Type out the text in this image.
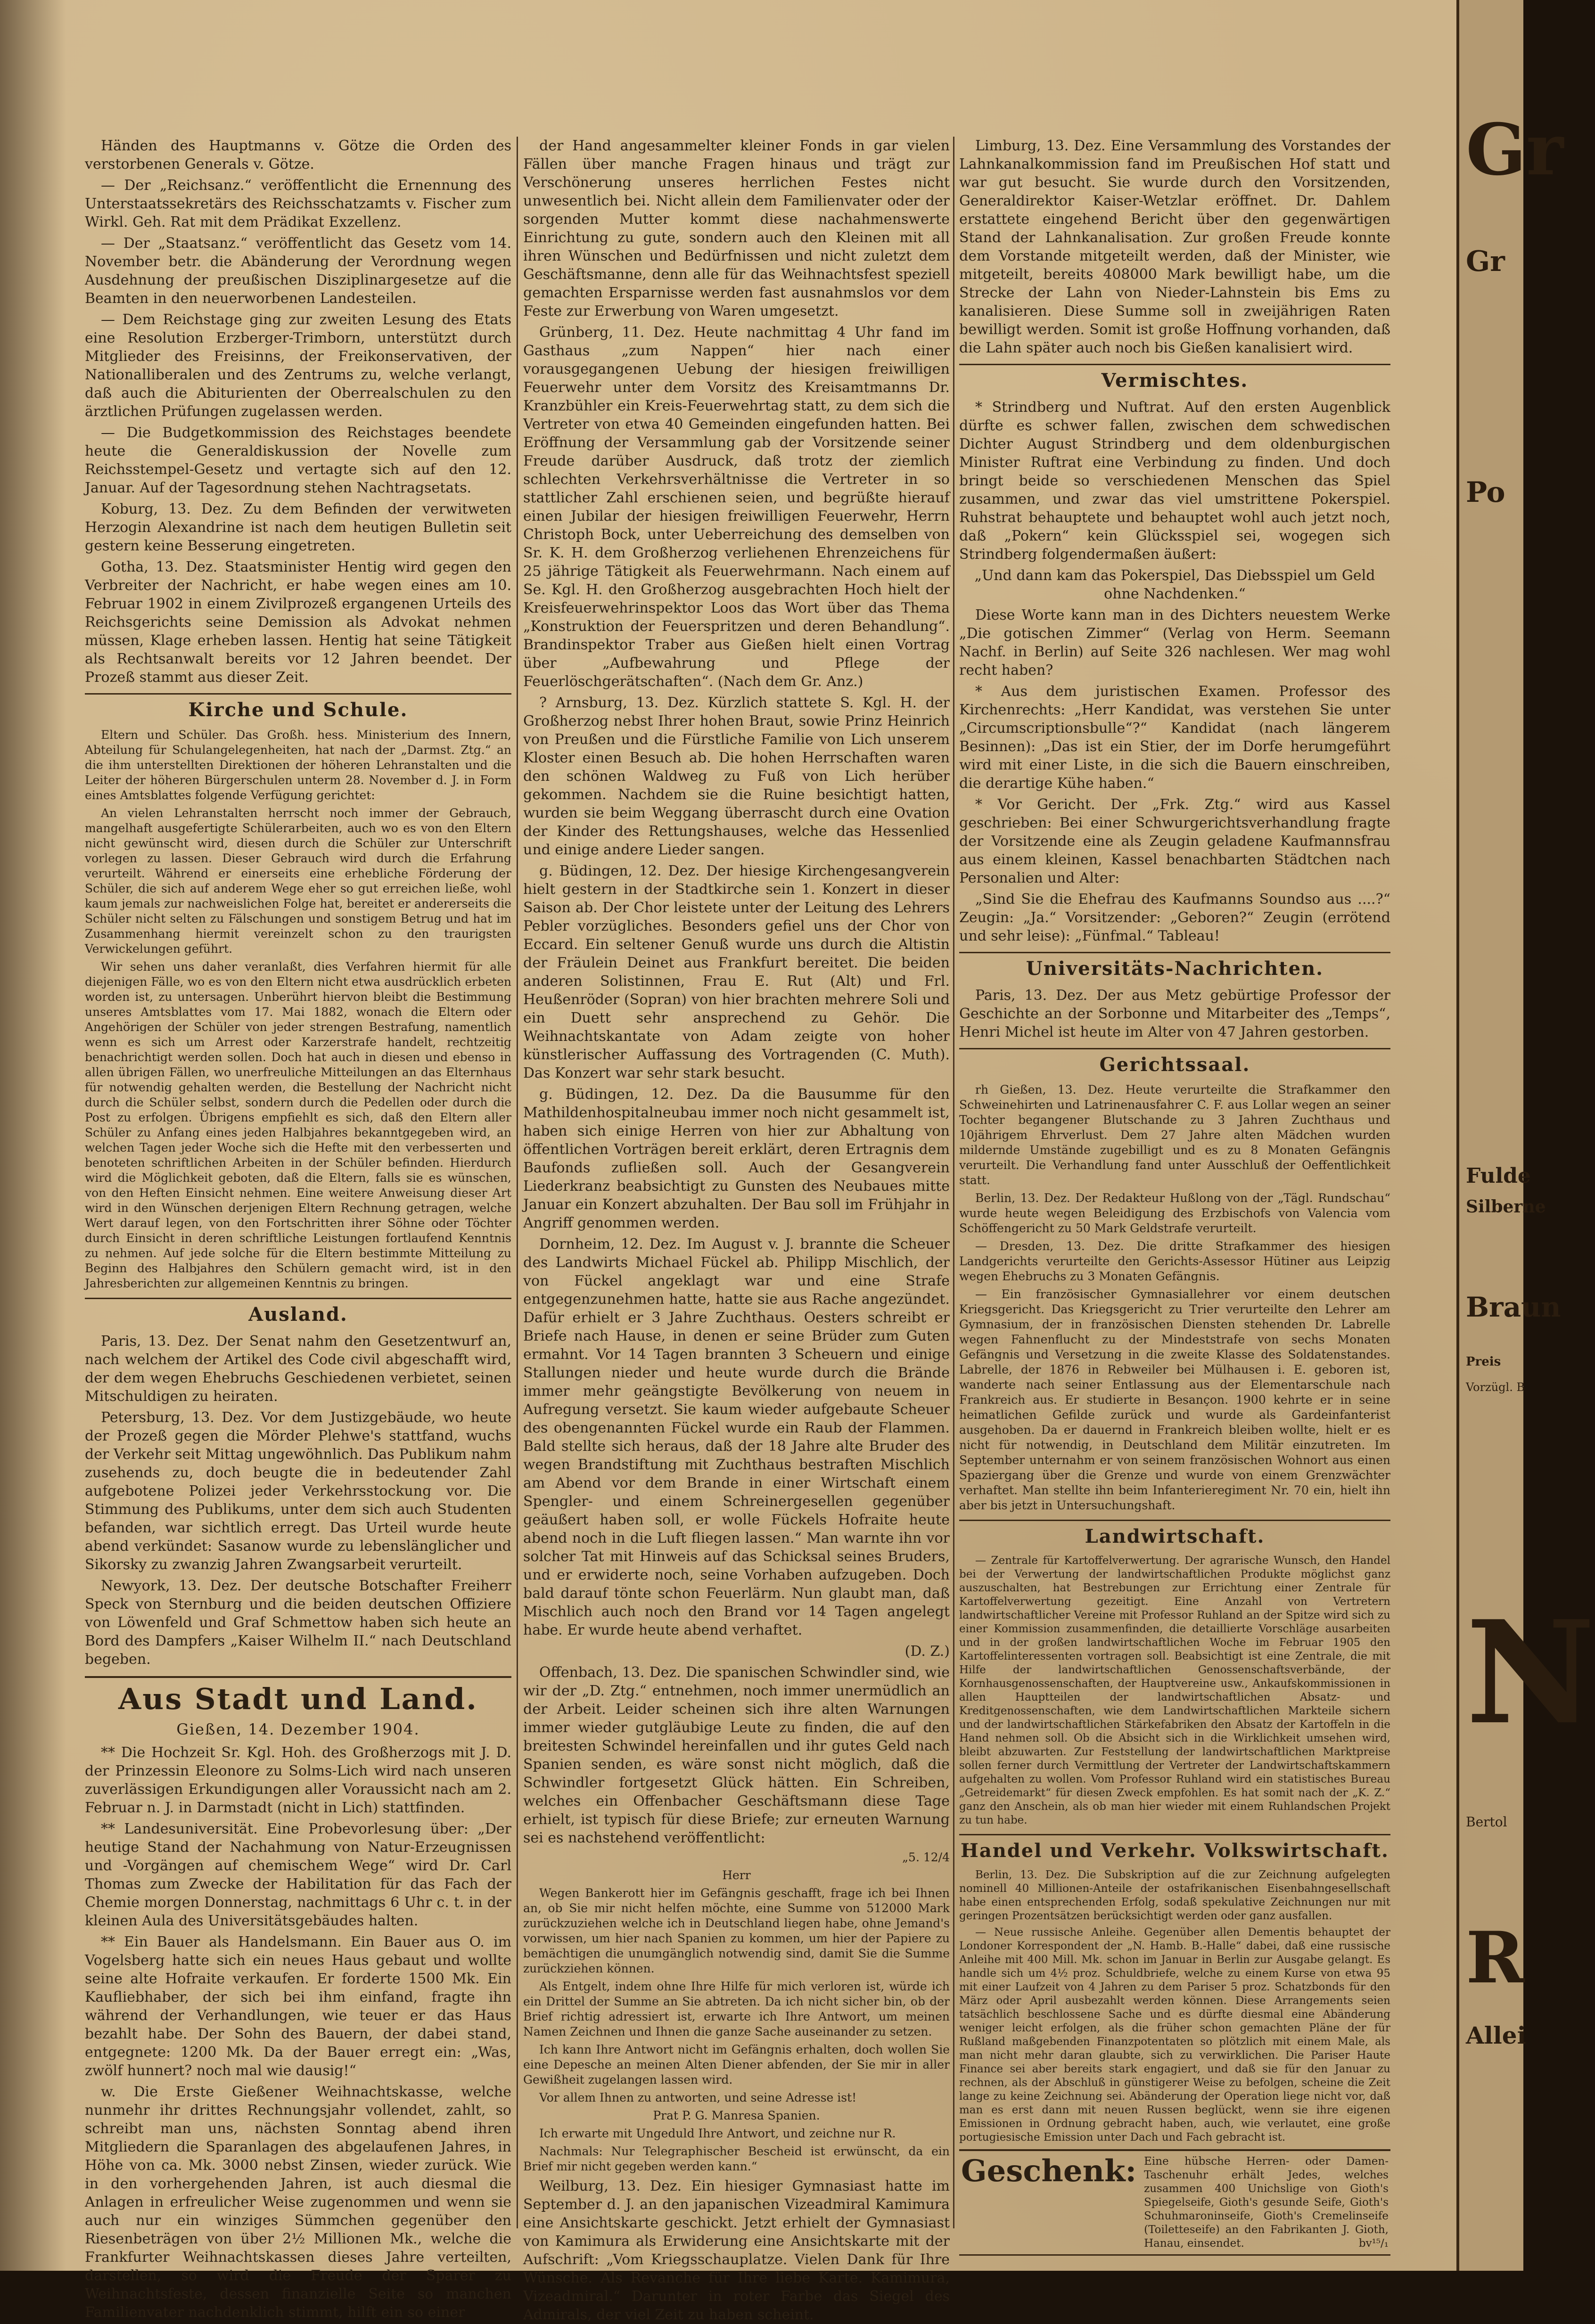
Händen des Hauptmanns v. Götze die Orden des verstorbenen Generals v. Götze.

— Der „Reichsanz.“ veröffentlicht die Ernennung des Unterstaatssekretärs des Reichsschatzamts v. Fischer zum Wirkl. Geh. Rat mit dem Prädikat Exzellenz.

— Der „Staatsanz.“ veröffentlicht das Gesetz vom 14. November betr. die Abänderung der Verordnung wegen Ausdehnung der preußischen Disziplinargesetze auf die Beamten in den neuerworbenen Landesteilen.

— Dem Reichstage ging zur zweiten Lesung des Etats eine Resolution Erzberger-Trimborn, unterstützt durch Mitglieder des Freisinns, der Freikonservativen, der Nationalliberalen und des Zentrums zu, welche verlangt, daß auch die Abiturienten der Oberrealschulen zu den ärztlichen Prüfungen zugelassen werden.

— Die Budgetkommission des Reichstages beendete heute die Generaldiskussion der Novelle zum Reichsstempel-Gesetz und vertagte sich auf den 12. Januar. Auf der Tagesordnung stehen Nachtragsetats.

Koburg, 13. Dez. Zu dem Befinden der verwitweten Herzogin Alexandrine ist nach dem heutigen Bulletin seit gestern keine Besserung eingetreten.

Gotha, 13. Dez. Staatsminister Hentig wird gegen den Verbreiter der Nachricht, er habe wegen eines am 10. Februar 1902 in einem Zivilprozeß ergangenen Urteils des Reichsgerichts seine Demission als Advokat nehmen müssen, Klage erheben lassen. Hentig hat seine Tätigkeit als Rechtsanwalt bereits vor 12 Jahren beendet. Der Prozeß stammt aus dieser Zeit.

Kirche und Schule.

Eltern und Schüler. Das Großh. hess. Ministerium des Innern, Abteilung für Schulangelegenheiten, hat nach der „Darmst. Ztg.“ an die ihm unterstellten Direktionen der höheren Lehranstalten und die Leiter der höheren Bürgerschulen unterm 28. November d. J. in Form eines Amtsblattes folgende Verfügung gerichtet:

An vielen Lehranstalten herrscht noch immer der Gebrauch, mangelhaft ausgefertigte Schülerarbeiten, auch wo es von den Eltern nicht gewünscht wird, diesen durch die Schüler zur Unterschrift vorlegen zu lassen. Dieser Gebrauch wird durch die Erfahrung verurteilt. Während er einerseits eine erhebliche Förderung der Schüler, die sich auf anderem Wege eher so gut erreichen ließe, wohl kaum jemals zur nachweislichen Folge hat, bereitet er andererseits die Schüler nicht selten zu Fälschungen und sonstigem Betrug und hat im Zusammenhang hiermit vereinzelt schon zu den traurigsten Verwickelungen geführt.

Wir sehen uns daher veranlaßt, dies Verfahren hiermit für alle diejenigen Fälle, wo es von den Eltern nicht etwa ausdrücklich erbeten worden ist, zu untersagen. Unberührt hiervon bleibt die Bestimmung unseres Amtsblattes vom 17. Mai 1882, wonach die Eltern oder Angehörigen der Schüler von jeder strengen Bestrafung, namentlich wenn es sich um Arrest oder Karzerstrafe handelt, rechtzeitig benachrichtigt werden sollen. Doch hat auch in diesen und ebenso in allen übrigen Fällen, wo unerfreuliche Mitteilungen an das Elternhaus für notwendig gehalten werden, die Bestellung der Nachricht nicht durch die Schüler selbst, sondern durch die Pedellen oder durch die Post zu erfolgen. Übrigens empfiehlt es sich, daß den Eltern aller Schüler zu Anfang eines jeden Halbjahres bekanntgegeben wird, an welchen Tagen jeder Woche sich die Hefte mit den verbesserten und benoteten schriftlichen Arbeiten in der Schüler befinden. Hierdurch wird die Möglichkeit geboten, daß die Eltern, falls sie es wünschen, von den Heften Einsicht nehmen. Eine weitere Anweisung dieser Art wird in den Wünschen derjenigen Eltern Rechnung getragen, welche Wert darauf legen, von den Fortschritten ihrer Söhne oder Töchter durch Einsicht in deren schriftliche Leistungen fortlaufend Kenntnis zu nehmen. Auf jede solche für die Eltern bestimmte Mitteilung zu Beginn des Halbjahres den Schülern gemacht wird, ist in den Jahresberichten zur allgemeinen Kenntnis zu bringen.

Ausland.

Paris, 13. Dez. Der Senat nahm den Gesetzentwurf an, nach welchem der Artikel des Code civil abgeschafft wird, der dem wegen Ehebruchs Geschiedenen verbietet, seinen Mitschuldigen zu heiraten.

Petersburg, 13. Dez. Vor dem Justizgebäude, wo heute der Prozeß gegen die Mörder Plehwe's stattfand, wuchs der Verkehr seit Mittag ungewöhnlich. Das Publikum nahm zusehends zu, doch beugte die in bedeutender Zahl aufgebotene Polizei jeder Verkehrsstockung vor. Die Stimmung des Publikums, unter dem sich auch Studenten befanden, war sichtlich erregt. Das Urteil wurde heute abend verkündet: Sasanow wurde zu lebenslänglicher und Sikorsky zu zwanzig Jahren Zwangsarbeit verurteilt.

Newyork, 13. Dez. Der deutsche Botschafter Freiherr Speck von Sternburg und die beiden deutschen Offiziere von Löwenfeld und Graf Schmettow haben sich heute an Bord des Dampfers „Kaiser Wilhelm II.“ nach Deutschland begeben.

Aus Stadt und Land.
Gießen, 14. Dezember 1904.

** Die Hochzeit Sr. Kgl. Hoh. des Großherzogs mit J. D. der Prinzessin Eleonore zu Solms-Lich wird nach unseren zuverlässigen Erkundigungen aller Voraussicht nach am 2. Februar n. J. in Darmstadt (nicht in Lich) stattfinden.

** Landesuniversität. Eine Probevorlesung über: „Der heutige Stand der Nachahmung von Natur-Erzeugnissen und -Vorgängen auf chemischem Wege“ wird Dr. Carl Thomas zum Zwecke der Habilitation für das Fach der Chemie morgen Donnerstag, nachmittags 6 Uhr c. t. in der kleinen Aula des Universitätsgebäudes halten.

** Ein Bauer als Handelsmann. Ein Bauer aus O. im Vogelsberg hatte sich ein neues Haus gebaut und wollte seine alte Hofraite verkaufen. Er forderte 1500 Mk. Ein Kaufliebhaber, der sich bei ihm einfand, fragte ihn während der Verhandlungen, wie teuer er das Haus bezahlt habe. Der Sohn des Bauern, der dabei stand, entgegnete: 1200 Mk. Da der Bauer erregt ein: „Was, zwölf hunnert? noch mal wie dausig!“

w. Die Erste Gießener Weihnachtskasse, welche nunmehr ihr drittes Rechnungsjahr vollendet, zahlt, so schreibt man uns, nächsten Sonntag abend ihren Mitgliedern die Sparanlagen des abgelaufenen Jahres, in Höhe von ca. Mk. 3000 nebst Zinsen, wieder zurück. Wie in den vorhergehenden Jahren, ist auch diesmal die Anlagen in erfreulicher Weise zugenommen und wenn sie auch nur ein winziges Sümmchen gegenüber den Riesenbeträgen von über 2½ Millionen Mk., welche die Frankfurter Weihnachtskassen dieses Jahre verteilten, darstellen, so wird die Freude der Sparer zu Weihnachtsfeste, dessen finanzielle Seite so manchen Familienvater nachdenklich stimmt, hilft ein so einer

der Hand angesammelter kleiner Fonds in gar vielen Fällen über manche Fragen hinaus und trägt zur Verschönerung unseres herrlichen Festes nicht unwesentlich bei. Nicht allein dem Familienvater oder der sorgenden Mutter kommt diese nachahmenswerte Einrichtung zu gute, sondern auch den Kleinen mit all ihren Wünschen und Bedürfnissen und nicht zuletzt dem Geschäftsmanne, denn alle für das Weihnachtsfest speziell gemachten Ersparnisse werden fast ausnahmslos vor dem Feste zur Erwerbung von Waren umgesetzt.

Grünberg, 11. Dez. Heute nachmittag 4 Uhr fand im Gasthaus „zum Nappen“ hier nach einer vorausgegangenen Uebung der hiesigen freiwilligen Feuerwehr unter dem Vorsitz des Kreisamtmanns Dr. Kranzbühler ein Kreis-Feuerwehrtag statt, zu dem sich die Vertreter von etwa 40 Gemeinden eingefunden hatten. Bei Eröffnung der Versammlung gab der Vorsitzende seiner Freude darüber Ausdruck, daß trotz der ziemlich schlechten Verkehrsverhältnisse die Vertreter in so stattlicher Zahl erschienen seien, und begrüßte hierauf einen Jubilar der hiesigen freiwilligen Feuerwehr, Herrn Christoph Bock, unter Ueberreichung des demselben von Sr. K. H. dem Großherzog verliehenen Ehrenzeichens für 25 jährige Tätigkeit als Feuerwehrmann. Nach einem auf Se. Kgl. H. den Großherzog ausgebrachten Hoch hielt der Kreisfeuerwehrinspektor Loos das Wort über das Thema „Konstruktion der Feuerspritzen und deren Behandlung“. Brandinspektor Traber aus Gießen hielt einen Vortrag über „Aufbewahrung und Pflege der Feuerlöschgerätschaften“. (Nach dem Gr. Anz.)

? Arnsburg, 13. Dez. Kürzlich stattete S. Kgl. H. der Großherzog nebst Ihrer hohen Braut, sowie Prinz Heinrich von Preußen und die Fürstliche Familie von Lich unserem Kloster einen Besuch ab. Die hohen Herrschaften waren den schönen Waldweg zu Fuß von Lich herüber gekommen. Nachdem sie die Ruine besichtigt hatten, wurden sie beim Weggang überrascht durch eine Ovation der Kinder des Rettungshauses, welche das Hessenlied und einige andere Lieder sangen.

g. Büdingen, 12. Dez. Der hiesige Kirchengesangverein hielt gestern in der Stadtkirche sein 1. Konzert in dieser Saison ab. Der Chor leistete unter der Leitung des Lehrers Pebler vorzügliches. Besonders gefiel uns der Chor von Eccard. Ein seltener Genuß wurde uns durch die Altistin der Fräulein Deinet aus Frankfurt bereitet. Die beiden anderen Solistinnen, Frau E. Rut (Alt) und Frl. Heußenröder (Sopran) von hier brachten mehrere Soli und ein Duett sehr ansprechend zu Gehör. Die Weihnachtskantate von Adam zeigte von hoher künstlerischer Auffassung des Vortragenden (C. Muth). Das Konzert war sehr stark besucht.

g. Büdingen, 12. Dez. Da die Bausumme für den Mathildenhospitalneubau immer noch nicht gesammelt ist, haben sich einige Herren von hier zur Abhaltung von öffentlichen Vorträgen bereit erklärt, deren Ertragnis dem Baufonds zufließen soll. Auch der Gesangverein Liederkranz beabsichtigt zu Gunsten des Neubaues mitte Januar ein Konzert abzuhalten. Der Bau soll im Frühjahr in Angriff genommen werden.

Dornheim, 12. Dez. Im August v. J. brannte die Scheuer des Landwirts Michael Fückel ab. Philipp Mischlich, der von Fückel angeklagt war und eine Strafe entgegenzunehmen hatte, hatte sie aus Rache angezündet. Dafür erhielt er 3 Jahre Zuchthaus. Oesters schreibt er Briefe nach Hause, in denen er seine Brüder zum Guten ermahnt. Vor 14 Tagen brannten 3 Scheuern und einige Stallungen nieder und heute wurde durch die Brände immer mehr geängstigte Bevölkerung von neuem in Aufregung versetzt. Sie kaum wieder aufgebaute Scheuer des obengenannten Fückel wurde ein Raub der Flammen. Bald stellte sich heraus, daß der 18 Jahre alte Bruder des wegen Brandstiftung mit Zuchthaus bestraften Mischlich am Abend vor dem Brande in einer Wirtschaft einem Spengler- und einem Schreinergesellen gegenüber geäußert haben soll, er wolle Fückels Hofraite heute abend noch in die Luft fliegen lassen.“ Man warnte ihn vor solcher Tat mit Hinweis auf das Schicksal seines Bruders, und er erwiderte noch, seine Vorhaben aufzugeben. Doch bald darauf tönte schon Feuerlärm. Nun glaubt man, daß Mischlich auch noch den Brand vor 14 Tagen angelegt habe. Er wurde heute abend verhaftet.

(D. Z.)

Offenbach, 13. Dez. Die spanischen Schwindler sind, wie wir der „D. Ztg.“ entnehmen, noch immer unermüdlich an der Arbeit. Leider scheinen sich ihre alten Warnungen immer wieder gutgläubige Leute zu finden, die auf den breitesten Schwindel hereinfallen und ihr gutes Geld nach Spanien senden, es wäre sonst nicht möglich, daß die Schwindler fortgesetzt Glück hätten. Ein Schreiben, welches ein Offenbacher Geschäftsmann diese Tage erhielt, ist typisch für diese Briefe; zur erneuten Warnung sei es nachstehend veröffentlicht:

„5. 12/4

Herr

Wegen Bankerott hier im Gefängnis geschafft, frage ich bei Ihnen an, ob Sie mir nicht helfen möchte, eine Summe von 512000 Mark zurückzuziehen welche ich in Deutschland liegen habe, ohne Jemand's vorwissen, um hier nach Spanien zu kommen, um hier der Papiere zu bemächtigen die unumgänglich notwendig sind, damit Sie die Summe zurückziehen können.

Als Entgelt, indem ohne Ihre Hilfe für mich verloren ist, würde ich ein Drittel der Summe an Sie abtreten. Da ich nicht sicher bin, ob der Brief richtig adressiert ist, erwarte ich Ihre Antwort, um meinen Namen Zeichnen und Ihnen die ganze Sache auseinander zu setzen.

Ich kann Ihre Antwort nicht im Gefängnis erhalten, doch wollen Sie eine Depesche an meinen Alten Diener abfenden, der Sie mir in aller Gewißheit zugelangen lassen wird.

Vor allem Ihnen zu antworten, und seine Adresse ist!

Prat P. G. Manresa Spanien.

Ich erwarte mit Ungeduld Ihre Antwort, und zeichne nur R.

Nachmals: Nur Telegraphischer Bescheid ist erwünscht, da ein Brief mir nicht gegeben werden kann.“

Weilburg, 13. Dez. Ein hiesiger Gymnasiast hatte im September d. J. an den japanischen Vizeadmiral Kamimura eine Ansichtskarte geschickt. Jetzt erhielt der Gymnasiast von Kamimura als Erwiderung eine Ansichtskarte mit der Aufschrift: „Vom Kriegsschauplatze. Vielen Dank für Ihre Wünsche. Als Revanche für Ihre liebe Karte. Kamimura, Vizeadmiral.“ Darunter in roter Farbe das Siegel des Admirals, der viel Zeit zu haben scheint.

Limburg, 13. Dez. Eine Versammlung des Vorstandes der Lahnkanalkommission fand im Preußischen Hof statt und war gut besucht. Sie wurde durch den Vorsitzenden, Generaldirektor Kaiser-Wetzlar eröffnet. Dr. Dahlem erstattete eingehend Bericht über den gegenwärtigen Stand der Lahnkanalisation. Zur großen Freude konnte dem Vorstande mitgeteilt werden, daß der Minister, wie mitgeteilt, bereits 408000 Mark bewilligt habe, um die Strecke der Lahn von Nieder-Lahnstein bis Ems zu kanalisieren. Diese Summe soll in zweijährigen Raten bewilligt werden. Somit ist große Hoffnung vorhanden, daß die Lahn später auch noch bis Gießen kanalisiert wird.

Vermischtes.

* Strindberg und Nuftrat. Auf den ersten Augenblick dürfte es schwer fallen, zwischen dem schwedischen Dichter August Strindberg und dem oldenburgischen Minister Ruftrat eine Verbindung zu finden. Und doch bringt beide so verschiedenen Menschen das Spiel zusammen, und zwar das viel umstrittene Pokerspiel. Ruhstrat behauptete und behauptet wohl auch jetzt noch, daß „Pokern“ kein Glücksspiel sei, wogegen sich Strindberg folgendermaßen äußert:

„Und dann kam das Pokerspiel, Das Diebsspiel um Geld ohne Nachdenken.“

Diese Worte kann man in des Dichters neuestem Werke „Die gotischen Zimmer“ (Verlag von Herm. Seemann Nachf. in Berlin) auf Seite 326 nachlesen. Wer mag wohl recht haben?

* Aus dem juristischen Examen. Professor des Kirchenrechts: „Herr Kandidat, was verstehen Sie unter „Circumscriptionsbulle“?“ Kandidat (nach längerem Besinnen): „Das ist ein Stier, der im Dorfe herumgeführt wird mit einer Liste, in die sich die Bauern einschreiben, die derartige Kühe haben.“

* Vor Gericht. Der „Frk. Ztg.“ wird aus Kassel geschrieben: Bei einer Schwurgerichtsverhandlung fragte der Vorsitzende eine als Zeugin geladene Kaufmannsfrau aus einem kleinen, Kassel benachbarten Städtchen nach Personalien und Alter:

„Sind Sie die Ehefrau des Kaufmanns Soundso aus ....?“ Zeugin: „Ja.“ Vorsitzender: „Geboren?“ Zeugin (errötend und sehr leise): „Fünfmal.“ Tableau!

Universitäts-Nachrichten.

Paris, 13. Dez. Der aus Metz gebürtige Professor der Geschichte an der Sorbonne und Mitarbeiter des „Temps“, Henri Michel ist heute im Alter von 47 Jahren gestorben.

Gerichtssaal.

rh Gießen, 13. Dez. Heute verurteilte die Strafkammer den Schweinehirten und Latrinenausfahrer C. F. aus Lollar wegen an seiner Tochter begangener Blutschande zu 3 Jahren Zuchthaus und 10jährigem Ehrverlust. Dem 27 Jahre alten Mädchen wurden mildernde Umstände zugebilligt und es zu 8 Monaten Gefängnis verurteilt. Die Verhandlung fand unter Ausschluß der Oeffentlichkeit statt.

Berlin, 13. Dez. Der Redakteur Hußlong von der „Tägl. Rundschau“ wurde heute wegen Beleidigung des Erzbischofs von Valencia vom Schöffengericht zu 50 Mark Geldstrafe verurteilt.

— Dresden, 13. Dez. Die dritte Strafkammer des hiesigen Landgerichts verurteilte den Gerichts-Assessor Hütiner aus Leipzig wegen Ehebruchs zu 3 Monaten Gefängnis.

— Ein französischer Gymnasiallehrer vor einem deutschen Kriegsgericht. Das Kriegsgericht zu Trier verurteilte den Lehrer am Gymnasium, der in französischen Diensten stehenden Dr. Labrelle wegen Fahnenflucht zu der Mindeststrafe von sechs Monaten Gefängnis und Versetzung in die zweite Klasse des Soldatenstandes. Labrelle, der 1876 in Rebweiler bei Mülhausen i. E. geboren ist, wanderte nach seiner Entlassung aus der Elementarschule nach Frankreich aus. Er studierte in Besançon. 1900 kehrte er in seine heimatlichen Gefilde zurück und wurde als Gardeinfanterist ausgehoben. Da er dauernd in Frankreich bleiben wollte, hielt er es nicht für notwendig, in Deutschland dem Militär einzutreten. Im September unternahm er von seinem französischen Wohnort aus einen Spaziergang über die Grenze und wurde von einem Grenzwächter verhaftet. Man stellte ihn beim Infanterieregiment Nr. 70 ein, hielt ihn aber bis jetzt in Untersuchungshaft.

Landwirtschaft.

— Zentrale für Kartoffelverwertung. Der agrarische Wunsch, den Handel bei der Verwertung der landwirtschaftlichen Produkte möglichst ganz auszuschalten, hat Bestrebungen zur Errichtung einer Zentrale für Kartoffelverwertung gezeitigt. Eine Anzahl von Vertretern landwirtschaftlicher Vereine mit Professor Ruhland an der Spitze wird sich zu einer Kommission zusammenfinden, die detaillierte Vorschläge ausarbeiten und in der großen landwirtschaftlichen Woche im Februar 1905 den Kartoffelinteressenten vortragen soll. Beabsichtigt ist eine Zentrale, die mit Hilfe der landwirtschaftlichen Genossenschaftsverbände, der Kornhausgenossenschaften, der Hauptvereine usw., Ankaufskommissionen in allen Hauptteilen der landwirtschaftlichen Absatz- und Kreditgenossenschaften, wie dem Landwirtschaftlichen Markteile sichern und der landwirtschaftlichen Stärkefabriken den Absatz der Kartoffeln in die Hand nehmen soll. Ob die Absicht sich in die Wirklichkeit umsehen wird, bleibt abzuwarten. Zur Feststellung der landwirtschaftlichen Marktpreise sollen ferner durch Vermittlung der Vertreter der Landwirtschaftskammern aufgehalten zu wollen. Vom Professor Ruhland wird ein statistisches Bureau „Getreidemarkt“ für diesen Zweck empfohlen. Es hat somit nach der „K. Z.“ ganz den Anschein, als ob man hier wieder mit einem Ruhlandschen Projekt zu tun habe.

Handel und Verkehr. Volkswirtschaft.

Berlin, 13. Dez. Die Subskription auf die zur Zeichnung aufgelegten nominell 40 Millionen-Anteile der ostafrikanischen Eisenbahngesellschaft habe einen entsprechenden Erfolg, sodaß spekulative Zeichnungen nur mit geringen Prozentsätzen berücksichtigt werden oder ganz ausfallen.

— Neue russische Anleihe. Gegenüber allen Dementis behauptet der Londoner Korrespondent der „N. Hamb. B.-Halle“ dabei, daß eine russische Anleihe mit 400 Mill. Mk. schon im Januar in Berlin zur Ausgabe gelangt. Es handle sich um 4½ proz. Schuldbriefe, welche zu einem Kurse von etwa 95 mit einer Laufzeit von 4 Jahren zu dem Pariser 5 proz. Schatzbonds für den März oder April ausbezahlt werden können. Diese Arrangements seien tatsächlich beschlossene Sache und es dürfte diesmal eine Abänderung weniger leicht erfolgen, als die früher schon gemachten Pläne der für Rußland maßgebenden Finanzpotentaten so plötzlich mit einem Male, als man nicht mehr daran glaubte, sich zu verwirklichen. Die Pariser Haute Finance sei aber bereits stark engagiert, und daß sie für den Januar zu rechnen, als der Abschluß in günstigerer Weise zu befolgen, scheine die Zeit lange zu keine Zeichnung sei. Abänderung der Operation liege nicht vor, daß man es erst dann mit neuen Russen beglückt, wenn sie ihre eigenen Emissionen in Ordnung gebracht haben, auch, wie verlautet, eine große portugiesische Emission unter Dach und Fach gebracht ist.

Geschenk: Eine hübsche Herren- oder Damen-Taschenuhr erhält Jedes, welches zusammen 400 Unichslige von Gioth's Spiegelseife, Gioth's gesunde Seife, Gioth's Schuhmaroninseife, Gioth's Cremelinseife (Toiletteseife) an den Fabrikanten J. Gioth, Hanau, einsendet.	bv¹⁵/₁
Gr
Gr
Po
Fulde
Silberne
Braun
Preis
Vorzügl. B
N
Bertol
R
Allei
